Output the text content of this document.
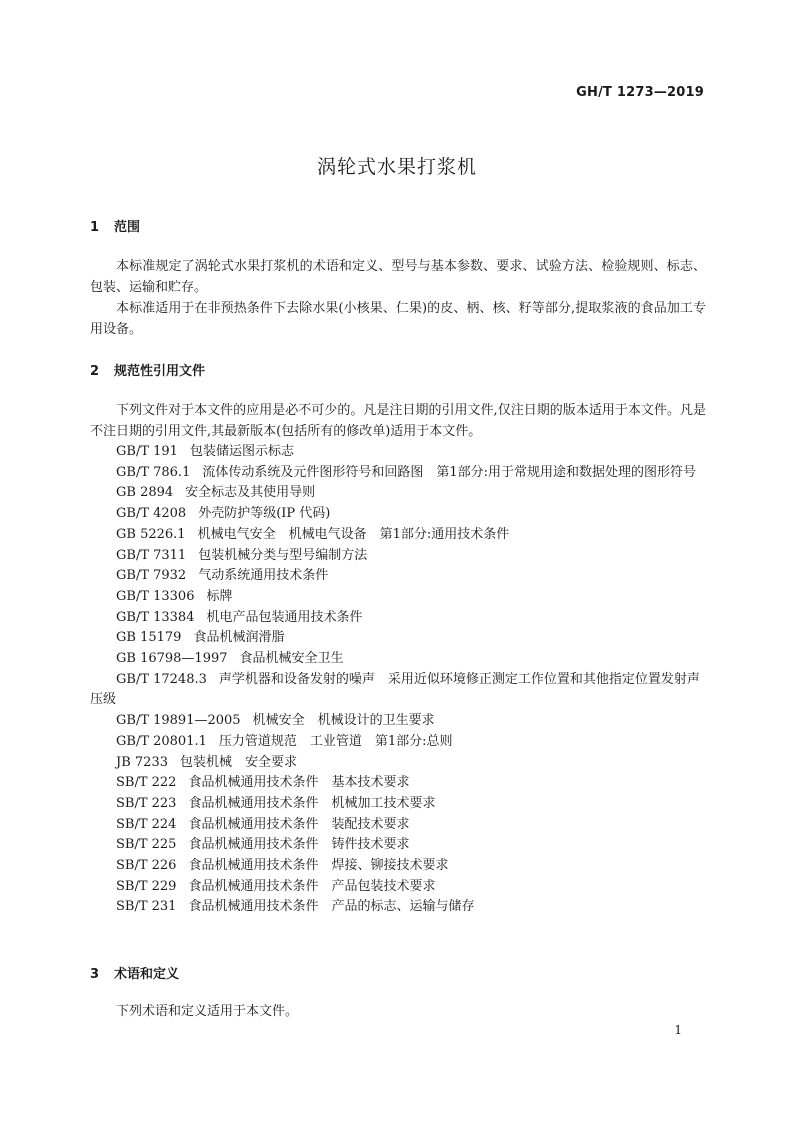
GH/T 1273—2019
涡轮式水果打浆机
1 范围

本标准规定了涡轮式水果打浆机的术语和定义、型号与基本参数、要求、试验方法、检验规则、标志、包装、运输和贮存。

本标准适用于在非预热条件下去除水果(小核果、仁果)的皮、柄、核、籽等部分,提取浆液的食品加工专用设备。

2 规范性引用文件

下列文件对于本文件的应用是必不可少的。凡是注日期的引用文件,仅注日期的版本适用于本文件。凡是不注日期的引用文件,其最新版本(包括所有的修改单)适用于本文件。

GB/T 191 包装储运图示标志

GB/T 786.1 流体传动系统及元件图形符号和回路图　第1部分:用于常规用途和数据处理的图形符号

GB 2894 安全标志及其使用导则

GB/T 4208 外壳防护等级(IP 代码)

GB 5226.1 机械电气安全　机械电气设备　第1部分:通用技术条件

GB/T 7311 包装机械分类与型号编制方法

GB/T 7932 气动系统通用技术条件

GB/T 13306 标牌

GB/T 13384 机电产品包装通用技术条件

GB 15179 食品机械润滑脂

GB 16798—1997 食品机械安全卫生

GB/T 17248.3 声学机器和设备发射的噪声　采用近似环境修正测定工作位置和其他指定位置发射声压级

GB/T 19891—2005 机械安全　机械设计的卫生要求

GB/T 20801.1 压力管道规范　工业管道　第1部分:总则

JB 7233 包装机械　安全要求

SB/T 222 食品机械通用技术条件　基本技术要求

SB/T 223 食品机械通用技术条件　机械加工技术要求

SB/T 224 食品机械通用技术条件　装配技术要求

SB/T 225 食品机械通用技术条件　铸件技术要求

SB/T 226 食品机械通用技术条件　焊接、铆接技术要求

SB/T 229 食品机械通用技术条件　产品包装技术要求

SB/T 231 食品机械通用技术条件　产品的标志、运输与储存

3 术语和定义

下列术语和定义适用于本文件。

1
